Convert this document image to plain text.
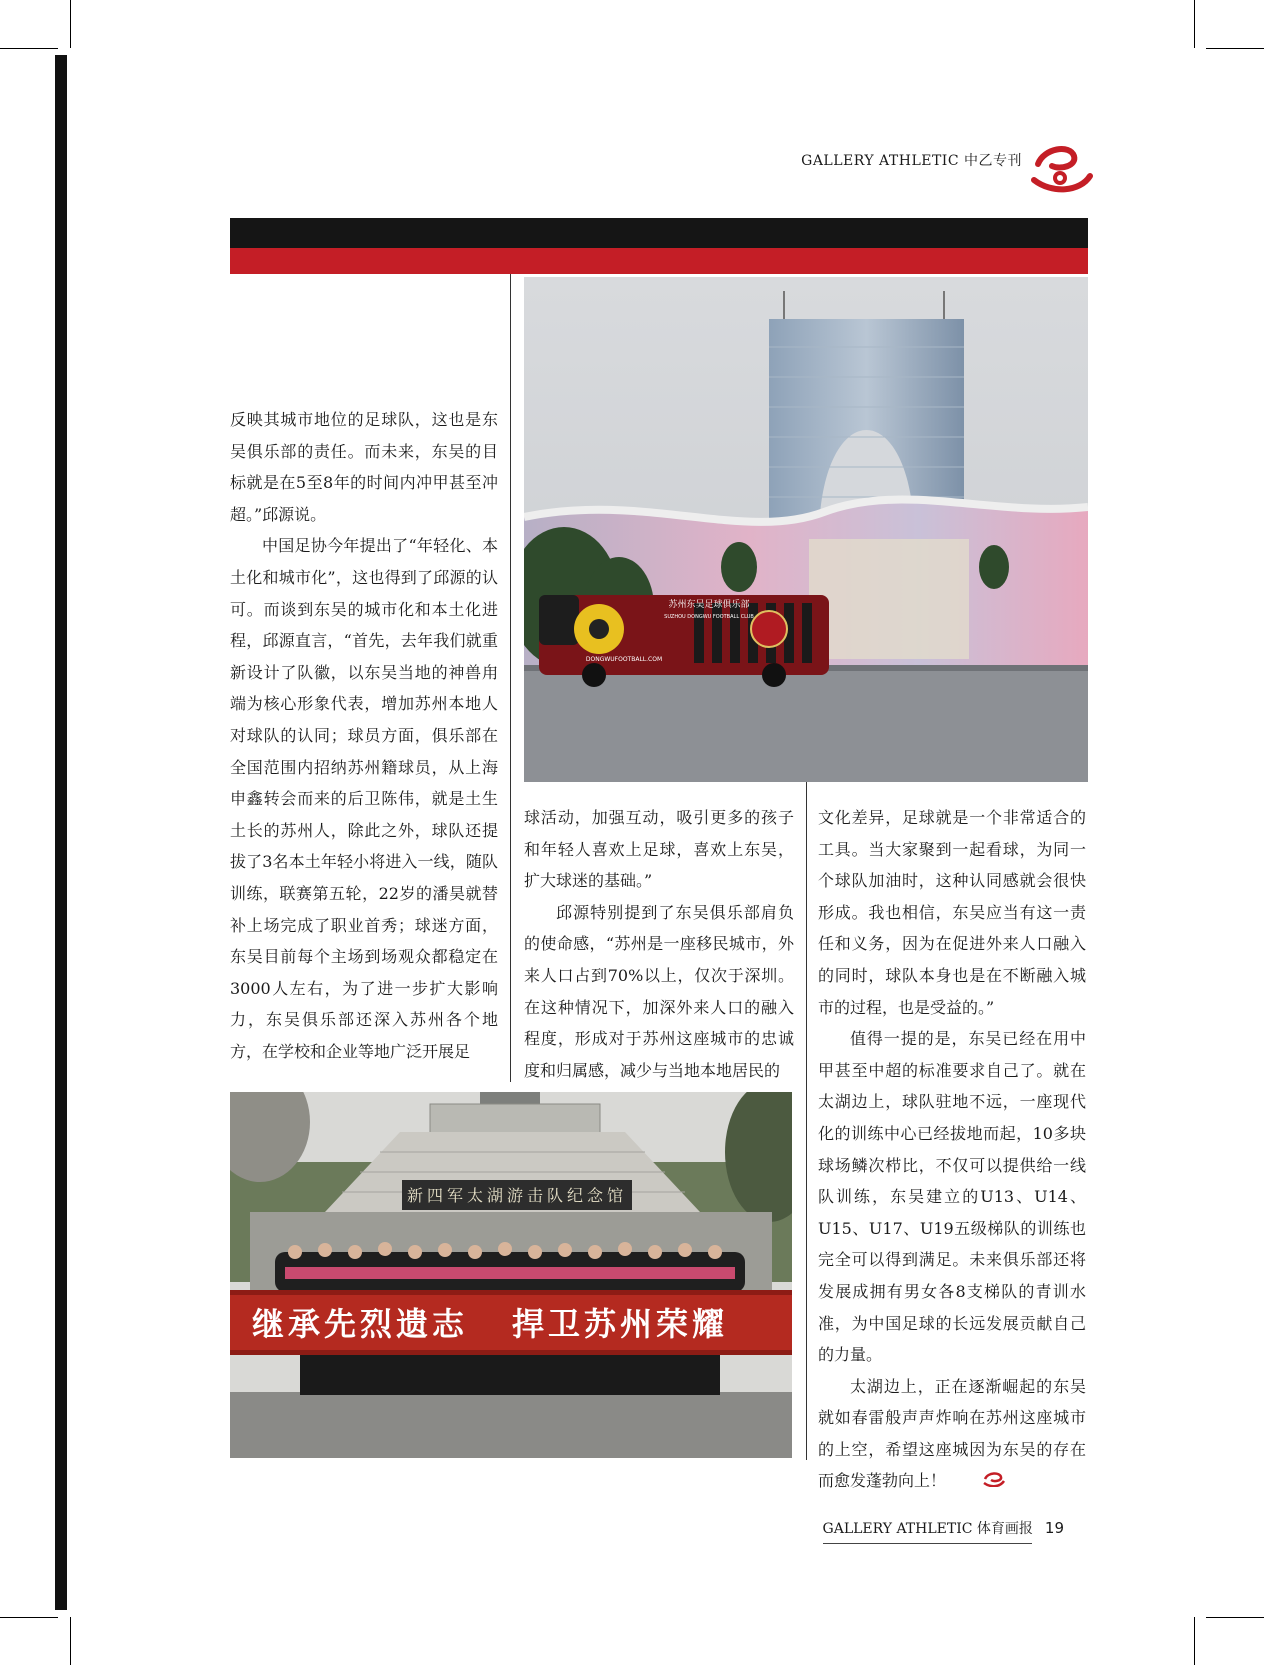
GALLERY ATHLETIC 中乙专刊
苏州东吴足球俱乐部
SUZHOU DONGWU FOOTBALL CLUB
DONGWUFOOTBALL.COM
新四军太湖游击队纪念馆
继承先烈遗志 捍卫苏州荣耀

反映其城市地位的足球队，这也是东吴俱乐部的责任。而未来，东吴的目标就是在5至8年的时间内冲甲甚至冲超。”邱源说。

中国足协今年提出了“年轻化、本土化和城市化”，这也得到了邱源的认可。而谈到东吴的城市化和本土化进程，邱源直言，“首先，去年我们就重新设计了队徽，以东吴当地的神兽甪端为核心形象代表，增加苏州本地人对球队的认同；球员方面，俱乐部在全国范围内招纳苏州籍球员，从上海申鑫转会而来的后卫陈伟，就是土生土长的苏州人，除此之外，球队还提拔了3名本土年轻小将进入一线，随队训练，联赛第五轮，22岁的潘昊就替补上场完成了职业首秀；球迷方面，东吴目前每个主场到场观众都稳定在3000人左右，为了进一步扩大影响力，东吴俱乐部还深入苏州各个地方，在学校和企业等地广泛开展足

球活动，加强互动，吸引更多的孩子和年轻人喜欢上足球，喜欢上东吴，扩大球迷的基础。”

邱源特别提到了东吴俱乐部肩负的使命感，“苏州是一座移民城市，外来人口占到70%以上，仅次于深圳。在这种情况下，加深外来人口的融入程度，形成对于苏州这座城市的忠诚度和归属感，减少与当地本地居民的

文化差异，足球就是一个非常适合的工具。当大家聚到一起看球，为同一个球队加油时，这种认同感就会很快形成。我也相信，东吴应当有这一责任和义务，因为在促进外来人口融入的同时，球队本身也是在不断融入城市的过程，也是受益的。”

值得一提的是，东吴已经在用中甲甚至中超的标准要求自己了。就在太湖边上，球队驻地不远，一座现代化的训练中心已经拔地而起，10多块球场鳞次栉比，不仅可以提供给一线队训练，东吴建立的U13、U14、U15、U17、U19五级梯队的训练也完全可以得到满足。未来俱乐部还将发展成拥有男女各8支梯队的青训水准，为中国足球的长远发展贡献自己的力量。

太湖边上，正在逐渐崛起的东吴就如春雷般声声炸响在苏州这座城市的上空，希望这座城因为东吴的存在而愈发蓬勃向上！

GALLERY ATHLETIC 体育画报 19
